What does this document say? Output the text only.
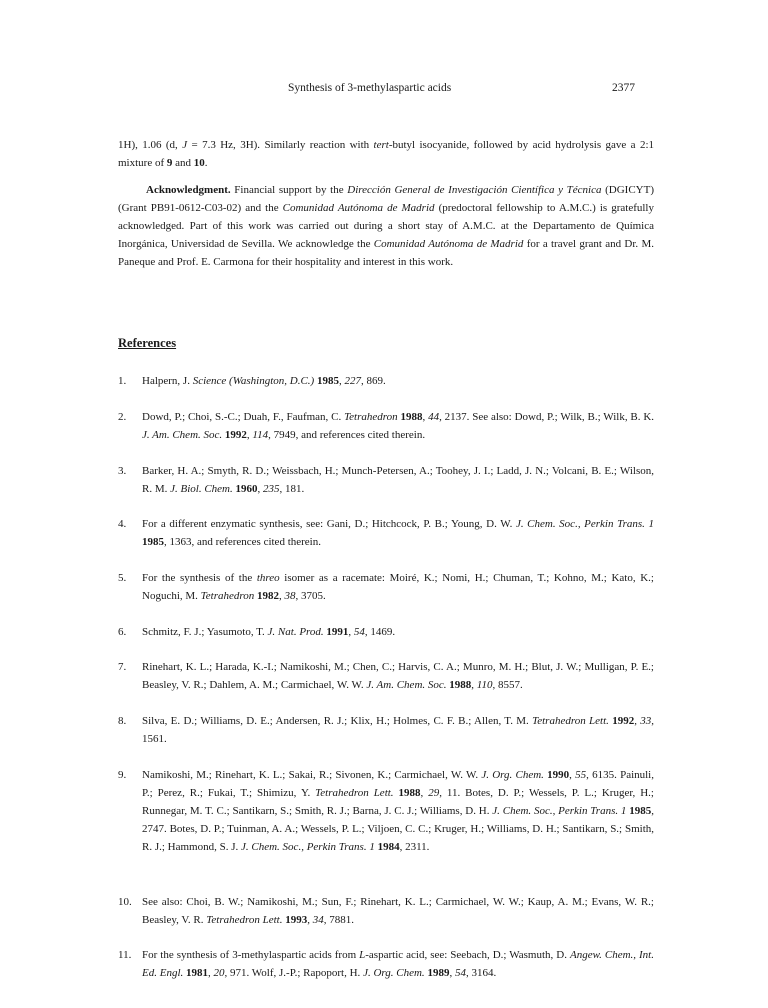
Synthesis of 3-methylaspartic acids	2377
1H), 1.06 (d, J = 7.3 Hz, 3H). Similarly reaction with tert-butyl isocyanide, followed by acid hydrolysis gave a 2:1 mixture of 9 and 10.
Acknowledgment. Financial support by the Dirección General de Investigación Científica y Técnica (DGICYT) (Grant PB91-0612-C03-02) and the Comunidad Autónoma de Madrid (predoctoral fellowship to A.M.C.) is gratefully acknowledged. Part of this work was carried out during a short stay of A.M.C. at the Departamento de Química Inorgánica, Universidad de Sevilla. We acknowledge the Comunidad Autónoma de Madrid for a travel grant and Dr. M. Paneque and Prof. E. Carmona for their hospitality and interest in this work.
References
1.	Halpern, J. Science (Washington, D.C.) 1985, 227, 869.
2.	Dowd, P.; Choi, S.-C.; Duah, F., Faufman, C. Tetrahedron 1988, 44, 2137. See also: Dowd, P.; Wilk, B.; Wilk, B. K. J. Am. Chem. Soc. 1992, 114, 7949, and references cited therein.
3.	Barker, H. A.; Smyth, R. D.; Weissbach, H.; Munch-Petersen, A.; Toohey, J. I.; Ladd, J. N.; Volcani, B. E.; Wilson, R. M. J. Biol. Chem. 1960, 235, 181.
4.	For a different enzymatic synthesis, see: Gani, D.; Hitchcock, P. B.; Young, D. W. J. Chem. Soc., Perkin Trans. 1 1985, 1363, and references cited therein.
5.	For the synthesis of the threo isomer as a racemate: Moiré, K.; Nomi, H.; Chuman, T.; Kohno, M.; Kato, K.; Noguchi, M. Tetrahedron 1982, 38, 3705.
6.	Schmitz, F. J.; Yasumoto, T. J. Nat. Prod. 1991, 54, 1469.
7.	Rinehart, K. L.; Harada, K.-I.; Namikoshi, M.; Chen, C.; Harvis, C. A.; Munro, M. H.; Blut, J. W.; Mulligan, P. E.; Beasley, V. R.; Dahlem, A. M.; Carmichael, W. W. J. Am. Chem. Soc. 1988, 110, 8557.
8.	Silva, E. D.; Williams, D. E.; Andersen, R. J.; Klix, H.; Holmes, C. F. B.; Allen, T. M. Tetrahedron Lett. 1992, 33, 1561.
9.	Namikoshi, M.; Rinehart, K. L.; Sakai, R.; Sivonen, K.; Carmichael, W. W. J. Org. Chem. 1990, 55, 6135. Painuli, P.; Perez, R.; Fukai, T.; Shimizu, Y. Tetrahedron Lett. 1988, 29, 11. Botes, D. P.; Wessels, P. L.; Kruger, H.; Runnegar, M. T. C.; Santikarn, S.; Smith, R. J.; Barna, J. C. J.; Williams, D. H. J. Chem. Soc., Perkin Trans. 1 1985, 2747. Botes, D. P.; Tuinman, A. A.; Wessels, P. L.; Viljoen, C. C.; Kruger, H.; Williams, D. H.; Santikarn, S.; Smith, R. J.; Hammond, S. J. J. Chem. Soc., Perkin Trans. 1 1984, 2311.
10. See also: Choi, B. W.; Namikoshi, M.; Sun, F.; Rinehart, K. L.; Carmichael, W. W.; Kaup, A. M.; Evans, W. R.; Beasley, V. R. Tetrahedron Lett. 1993, 34, 7881.
11. For the synthesis of 3-methylaspartic acids from L-aspartic acid, see: Seebach, D.; Wasmuth, D. Angew. Chem., Int. Ed. Engl. 1981, 20, 971. Wolf, J.-P.; Rapoport, H. J. Org. Chem. 1989, 54, 3164.
